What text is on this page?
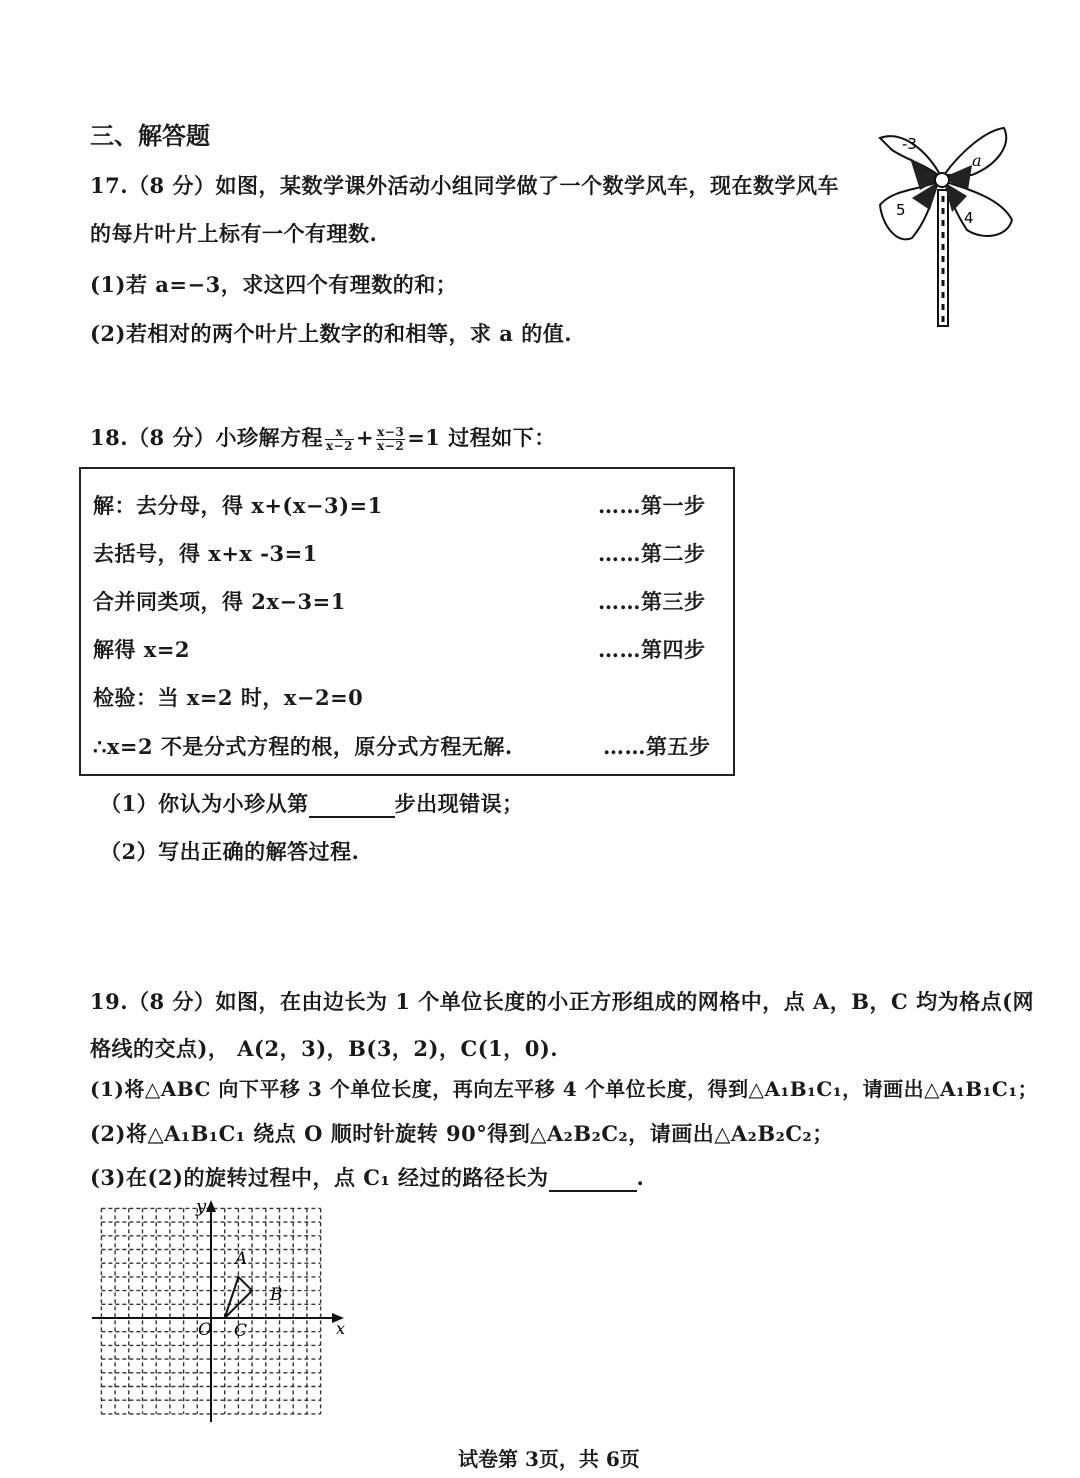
三、解答题
17.（8 分）如图，某数学课外活动小组同学做了一个数学风车，现在数学风车
的每片叶片上标有一个有理数.
(1)若 a=−3，求这四个有理数的和；
(2)若相对的两个叶片上数字的和相等，求 a 的值.
-3
a
4
5
18.（8 分）小珍解方程 $\frac{x}{x-2} + \frac{x-3}{x-2} =1$ 过程如下：
解：去分母，得 x+(x−3)=1	……第一步
去括号，得 x+x -3=1	……第二步
合并同类项，得 2x−3=1	……第三步
解得 x=2	……第四步
检验：当 x=2 时，x−2=0
∴x=2 不是分式方程的根，原分式方程无解.	……第五步
（1）你认为小珍从第	步出现错误；
（2）写出正确的解答过程.
19.（8 分）如图，在由边长为 1 个单位长度的小正方形组成的网格中，点 A，B，C 均为格点(网
格线的交点)， A(2，3)，B(3，2)，C(1，0).
(1)将△ABC 向下平移 3 个单位长度，再向左平移 4 个单位长度，得到△A₁B₁C₁，请画出△A₁B₁C₁；
(2)将△A₁B₁C₁ 绕点 O 顺时针旋转 90°得到△A₂B₂C₂，请画出△A₂B₂C₂；
(3)在(2)的旋转过程中，点 C₁ 经过的路径长为	.
x
y
O
A
B
C
试卷第 3页，共 6页
